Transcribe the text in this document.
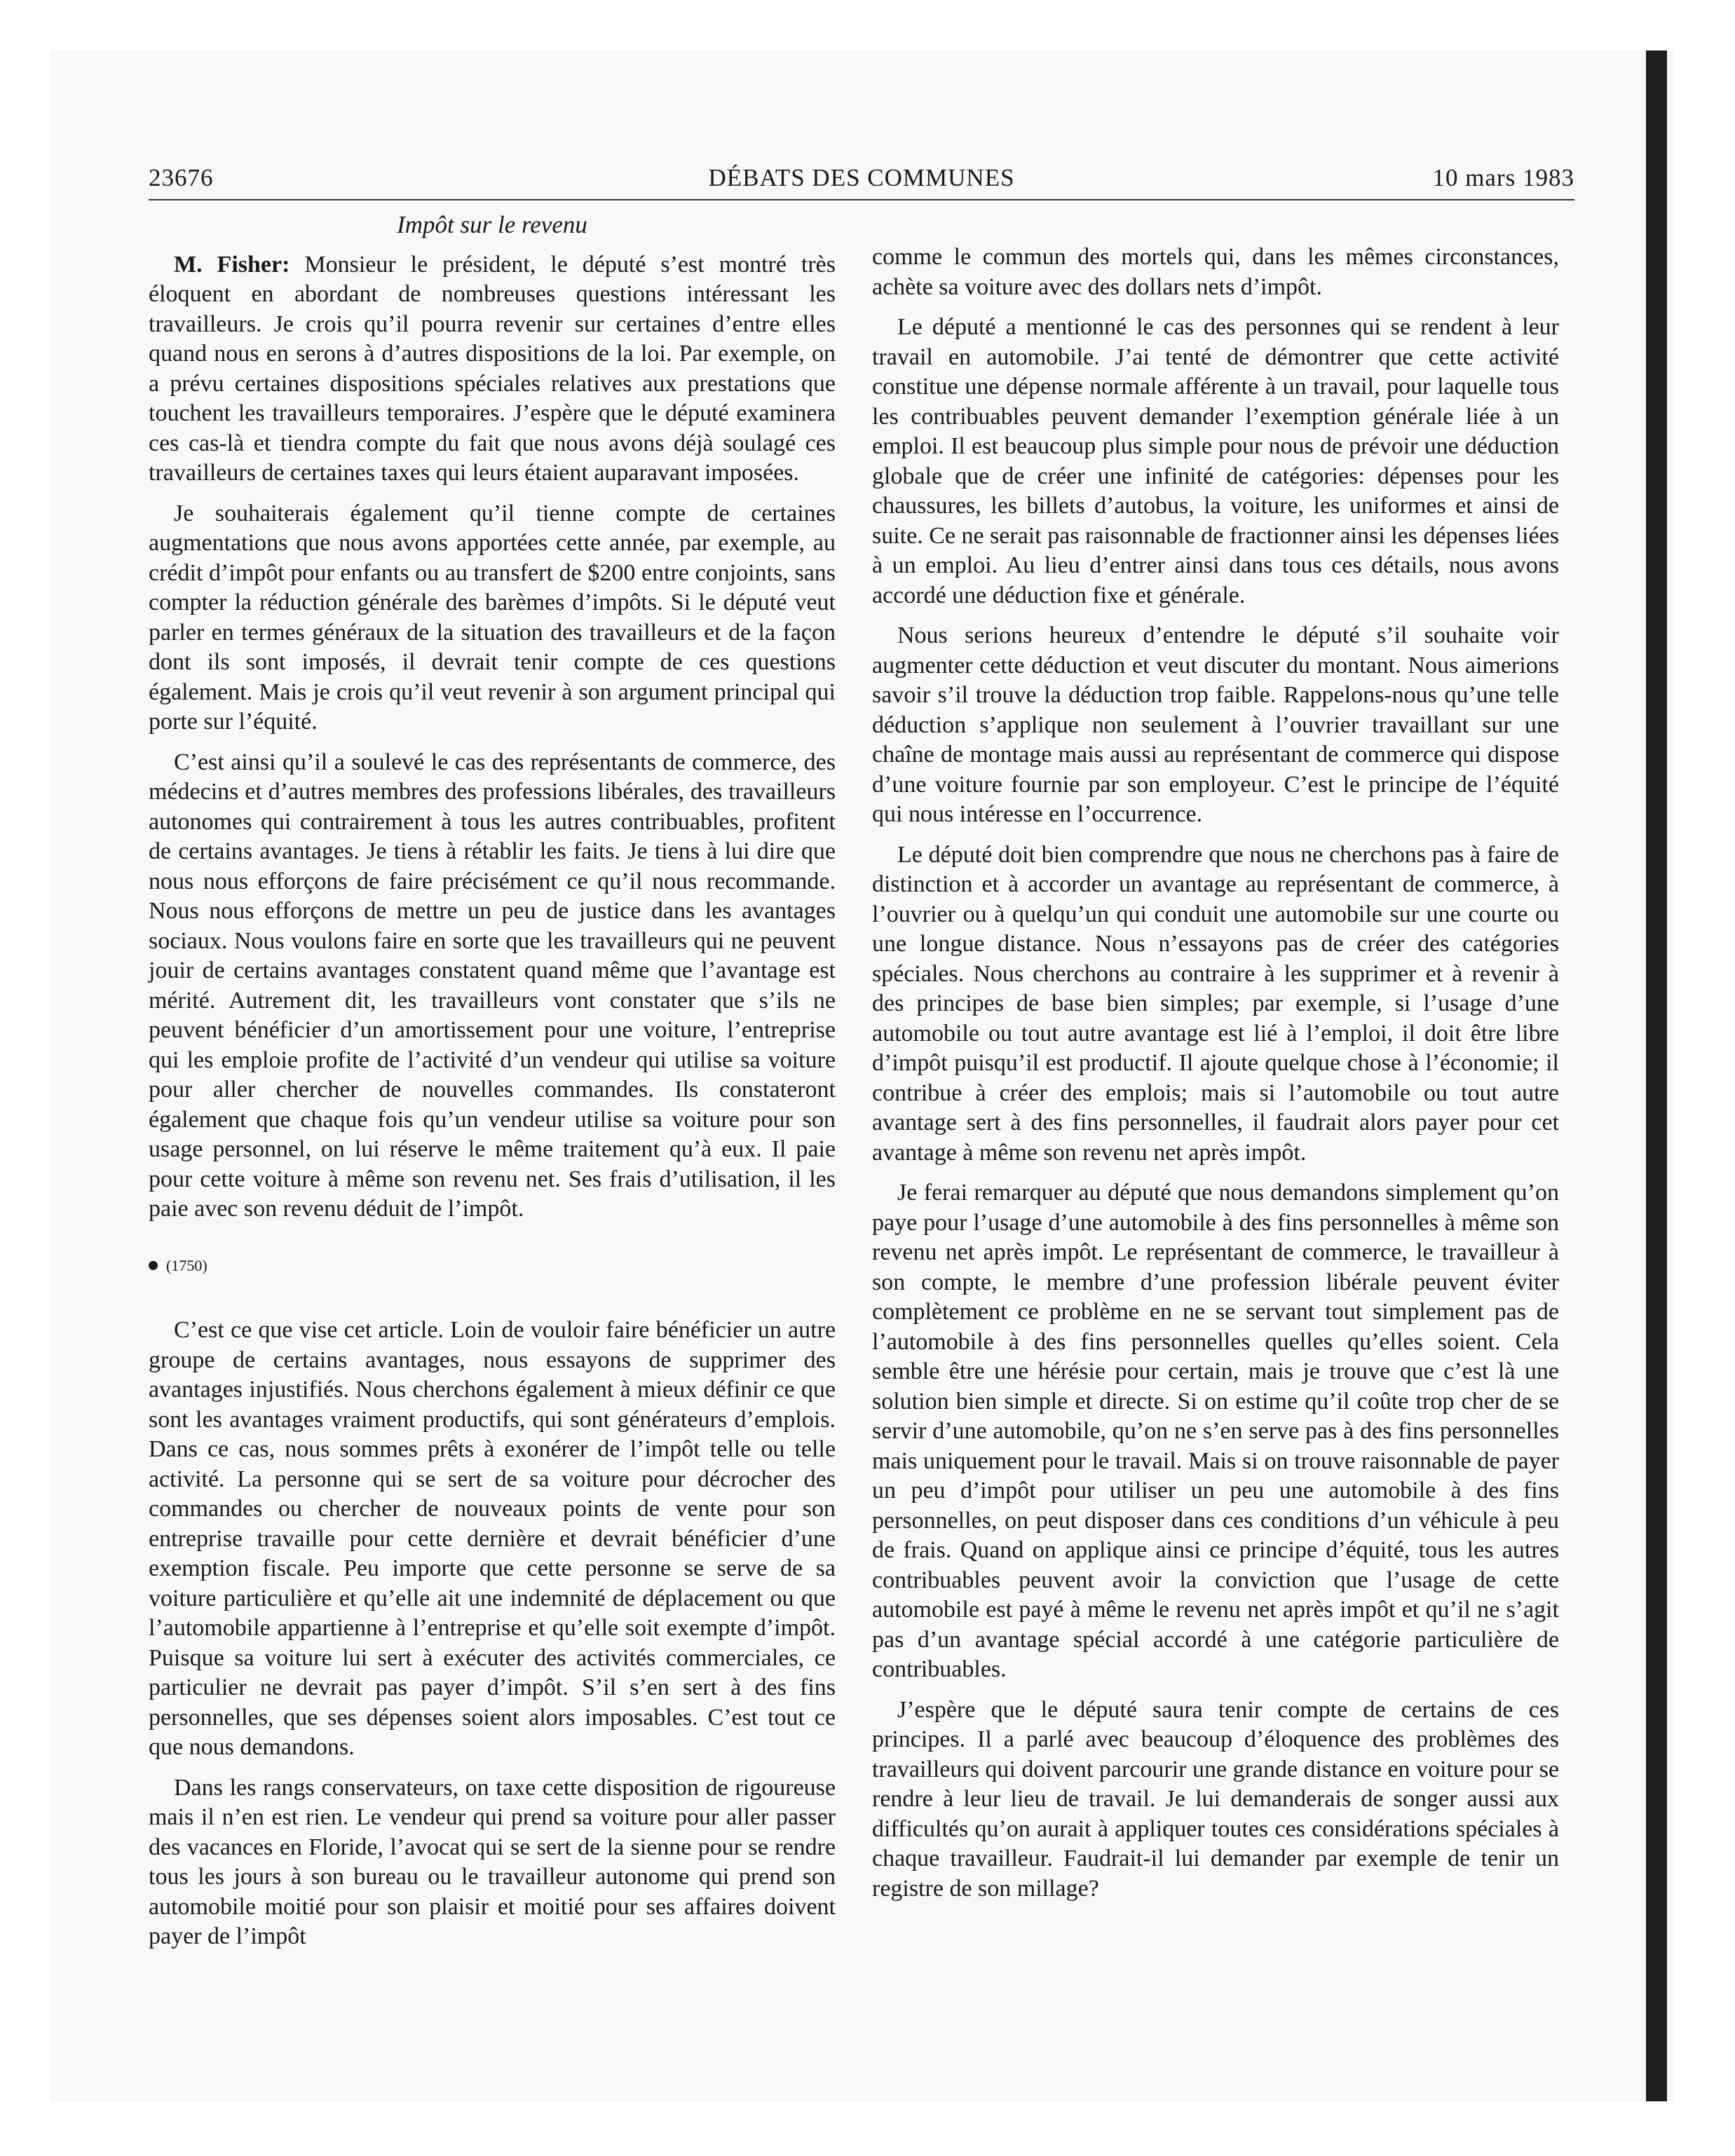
23676	DÉBATS DES COMMUNES	10 mars 1983
Impôt sur le revenu

M. Fisher: Monsieur le président, le député s’est montré très éloquent en abordant de nombreuses questions intéressant les travailleurs. Je crois qu’il pourra revenir sur certaines d’entre elles quand nous en serons à d’autres dispositions de la loi. Par exemple, on a prévu certaines dispositions spéciales relatives aux prestations que touchent les travailleurs temporaires. J’espère que le député examinera ces cas-là et tiendra compte du fait que nous avons déjà soulagé ces travailleurs de certaines taxes qui leurs étaient auparavant imposées.

Je souhaiterais également qu’il tienne compte de certaines augmentations que nous avons apportées cette année, par exemple, au crédit d’impôt pour enfants ou au transfert de $200 entre conjoints, sans compter la réduction générale des barèmes d’impôts. Si le député veut parler en termes généraux de la situation des travailleurs et de la façon dont ils sont imposés, il devrait tenir compte de ces questions également. Mais je crois qu’il veut revenir à son argument principal qui porte sur l’équité.

C’est ainsi qu’il a soulevé le cas des représentants de commerce, des médecins et d’autres membres des professions libérales, des travailleurs autonomes qui contrairement à tous les autres contribuables, profitent de certains avantages. Je tiens à rétablir les faits. Je tiens à lui dire que nous nous efforçons de faire précisément ce qu’il nous recommande. Nous nous efforçons de mettre un peu de justice dans les avantages sociaux. Nous voulons faire en sorte que les travailleurs qui ne peuvent jouir de certains avantages constatent quand même que l’avantage est mérité. Autrement dit, les travailleurs vont constater que s’ils ne peuvent bénéficier d’un amortissement pour une voiture, l’entreprise qui les emploie profite de l’activité d’un vendeur qui utilise sa voiture pour aller chercher de nouvelles commandes. Ils constateront également que chaque fois qu’un vendeur utilise sa voiture pour son usage personnel, on lui réserve le même traitement qu’à eux. Il paie pour cette voiture à même son revenu net. Ses frais d’utilisation, il les paie avec son revenu déduit de l’impôt.

(1750)

C’est ce que vise cet article. Loin de vouloir faire bénéficier un autre groupe de certains avantages, nous essayons de supprimer des avantages injustifiés. Nous cherchons également à mieux définir ce que sont les avantages vraiment productifs, qui sont générateurs d’emplois. Dans ce cas, nous sommes prêts à exonérer de l’impôt telle ou telle activité. La personne qui se sert de sa voiture pour décrocher des commandes ou chercher de nouveaux points de vente pour son entreprise travaille pour cette dernière et devrait bénéficier d’une exemption fiscale. Peu importe que cette personne se serve de sa voiture particulière et qu’elle ait une indemnité de déplacement ou que l’automobile appartienne à l’entreprise et qu’elle soit exempte d’impôt. Puisque sa voiture lui sert à exécuter des activités commerciales, ce particulier ne devrait pas payer d’impôt. S’il s’en sert à des fins personnelles, que ses dépenses soient alors imposables. C’est tout ce que nous demandons.

Dans les rangs conservateurs, on taxe cette disposition de rigoureuse mais il n’en est rien. Le vendeur qui prend sa voiture pour aller passer des vacances en Floride, l’avocat qui se sert de la sienne pour se rendre tous les jours à son bureau ou le travailleur autonome qui prend son automobile moitié pour son plaisir et moitié pour ses affaires doivent payer de l’impôt

comme le commun des mortels qui, dans les mêmes circonstances, achète sa voiture avec des dollars nets d’impôt.

Le député a mentionné le cas des personnes qui se rendent à leur travail en automobile. J’ai tenté de démontrer que cette activité constitue une dépense normale afférente à un travail, pour laquelle tous les contribuables peuvent demander l’exemption générale liée à un emploi. Il est beaucoup plus simple pour nous de prévoir une déduction globale que de créer une infinité de catégories: dépenses pour les chaussures, les billets d’autobus, la voiture, les uniformes et ainsi de suite. Ce ne serait pas raisonnable de fractionner ainsi les dépenses liées à un emploi. Au lieu d’entrer ainsi dans tous ces détails, nous avons accordé une déduction fixe et générale.

Nous serions heureux d’entendre le député s’il souhaite voir augmenter cette déduction et veut discuter du montant. Nous aimerions savoir s’il trouve la déduction trop faible. Rappelons-nous qu’une telle déduction s’applique non seulement à l’ouvrier travaillant sur une chaîne de montage mais aussi au représentant de commerce qui dispose d’une voiture fournie par son employeur. C’est le principe de l’équité qui nous intéresse en l’occurrence.

Le député doit bien comprendre que nous ne cherchons pas à faire de distinction et à accorder un avantage au représentant de commerce, à l’ouvrier ou à quelqu’un qui conduit une automobile sur une courte ou une longue distance. Nous n’essayons pas de créer des catégories spéciales. Nous cherchons au contraire à les supprimer et à revenir à des principes de base bien simples; par exemple, si l’usage d’une automobile ou tout autre avantage est lié à l’emploi, il doit être libre d’impôt puisqu’il est productif. Il ajoute quelque chose à l’économie; il contribue à créer des emplois; mais si l’automobile ou tout autre avantage sert à des fins personnelles, il faudrait alors payer pour cet avantage à même son revenu net après impôt.

Je ferai remarquer au député que nous demandons simplement qu’on paye pour l’usage d’une automobile à des fins personnelles à même son revenu net après impôt. Le représentant de commerce, le travailleur à son compte, le membre d’une profession libérale peuvent éviter complètement ce problème en ne se servant tout simplement pas de l’automobile à des fins personnelles quelles qu’elles soient. Cela semble être une hérésie pour certain, mais je trouve que c’est là une solution bien simple et directe. Si on estime qu’il coûte trop cher de se servir d’une automobile, qu’on ne s’en serve pas à des fins personnelles mais uniquement pour le travail. Mais si on trouve raisonnable de payer un peu d’impôt pour utiliser un peu une automobile à des fins personnelles, on peut disposer dans ces conditions d’un véhicule à peu de frais. Quand on applique ainsi ce principe d’équité, tous les autres contribuables peuvent avoir la conviction que l’usage de cette automobile est payé à même le revenu net après impôt et qu’il ne s’agit pas d’un avantage spécial accordé à une catégorie particulière de contribuables.

J’espère que le député saura tenir compte de certains de ces principes. Il a parlé avec beaucoup d’éloquence des problèmes des travailleurs qui doivent parcourir une grande distance en voiture pour se rendre à leur lieu de travail. Je lui demanderais de songer aussi aux difficultés qu’on aurait à appliquer toutes ces considérations spéciales à chaque travailleur. Faudrait-il lui demander par exemple de tenir un registre de son millage?
